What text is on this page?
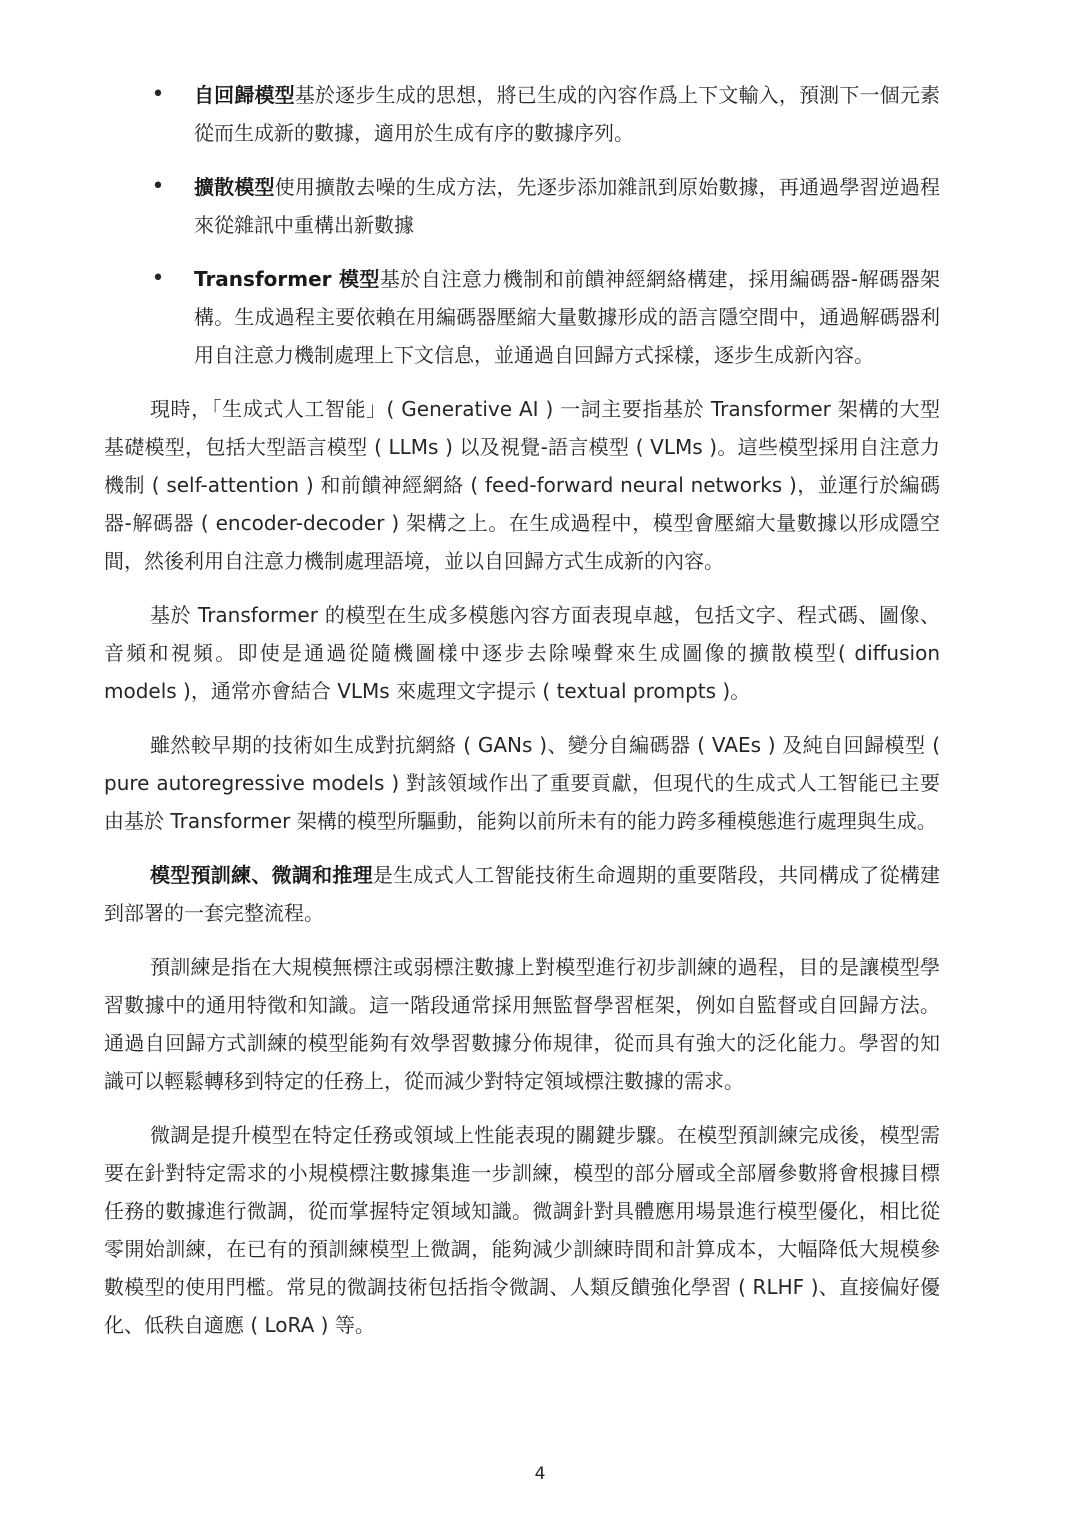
• 自回歸模型基於逐步生成的思想，將已生成的內容作爲上下文輸入，預測下一個元素從而生成新的數據，適用於生成有序的數據序列。
• 擴散模型使用擴散去噪的生成方法，先逐步添加雜訊到原始數據，再通過學習逆過程來從雜訊中重構出新數據
• Transformer 模型基於自注意力機制和前饋神經網絡構建，採用編碼器-解碼器架構。生成過程主要依賴在用編碼器壓縮大量數據形成的語言隱空間中，通過解碼器利用自注意力機制處理上下文信息，並通過自回歸方式採樣，逐步生成新內容。

現時，「生成式人工智能」( Generative AI ) 一詞主要指基於 Transformer 架構的大型基礎模型，包括大型語言模型 ( LLMs ) 以及視覺-語言模型 ( VLMs )。這些模型採用自注意力機制 ( self-attention ) 和前饋神經網絡 ( feed-forward neural networks )，並運行於編碼器-解碼器 ( encoder-decoder ) 架構之上。在生成過程中，模型會壓縮大量數據以形成隱空間，然後利用自注意力機制處理語境，並以自回歸方式生成新的內容。

基於 Transformer 的模型在生成多模態內容方面表現卓越，包括文字、程式碼、圖像、音頻和視頻。即使是通過從隨機圖樣中逐步去除噪聲來生成圖像的擴散模型( diffusion models )，通常亦會結合 VLMs 來處理文字提示 ( textual prompts )。

雖然較早期的技術如生成對抗網絡 ( GANs )、變分自編碼器 ( VAEs ) 及純自回歸模型 ( pure autoregressive models ) 對該領域作出了重要貢獻，但現代的生成式人工智能已主要由基於 Transformer 架構的模型所驅動，能夠以前所未有的能力跨多種模態進行處理與生成。

模型預訓練、微調和推理是生成式人工智能技術生命週期的重要階段，共同構成了從構建到部署的一套完整流程。

預訓練是指在大規模無標注或弱標注數據上對模型進行初步訓練的過程，目的是讓模型學習數據中的通用特徵和知識。這一階段通常採用無監督學習框架，例如自監督或自回歸方法。通過自回歸方式訓練的模型能夠有效學習數據分佈規律，從而具有強大的泛化能力。學習的知識可以輕鬆轉移到特定的任務上，從而減少對特定領域標注數據的需求。

微調是提升模型在特定任務或領域上性能表現的關鍵步驟。在模型預訓練完成後，模型需要在針對特定需求的小規模標注數據集進一步訓練，模型的部分層或全部層參數將會根據目標任務的數據進行微調，從而掌握特定領域知識。微調針對具體應用場景進行模型優化，相比從零開始訓練，在已有的預訓練模型上微調，能夠減少訓練時間和計算成本，大幅降低大規模參數模型的使用門檻。常見的微調技術包括指令微調、人類反饋強化學習 ( RLHF )、直接偏好優化、低秩自適應 ( LoRA ) 等。

4
